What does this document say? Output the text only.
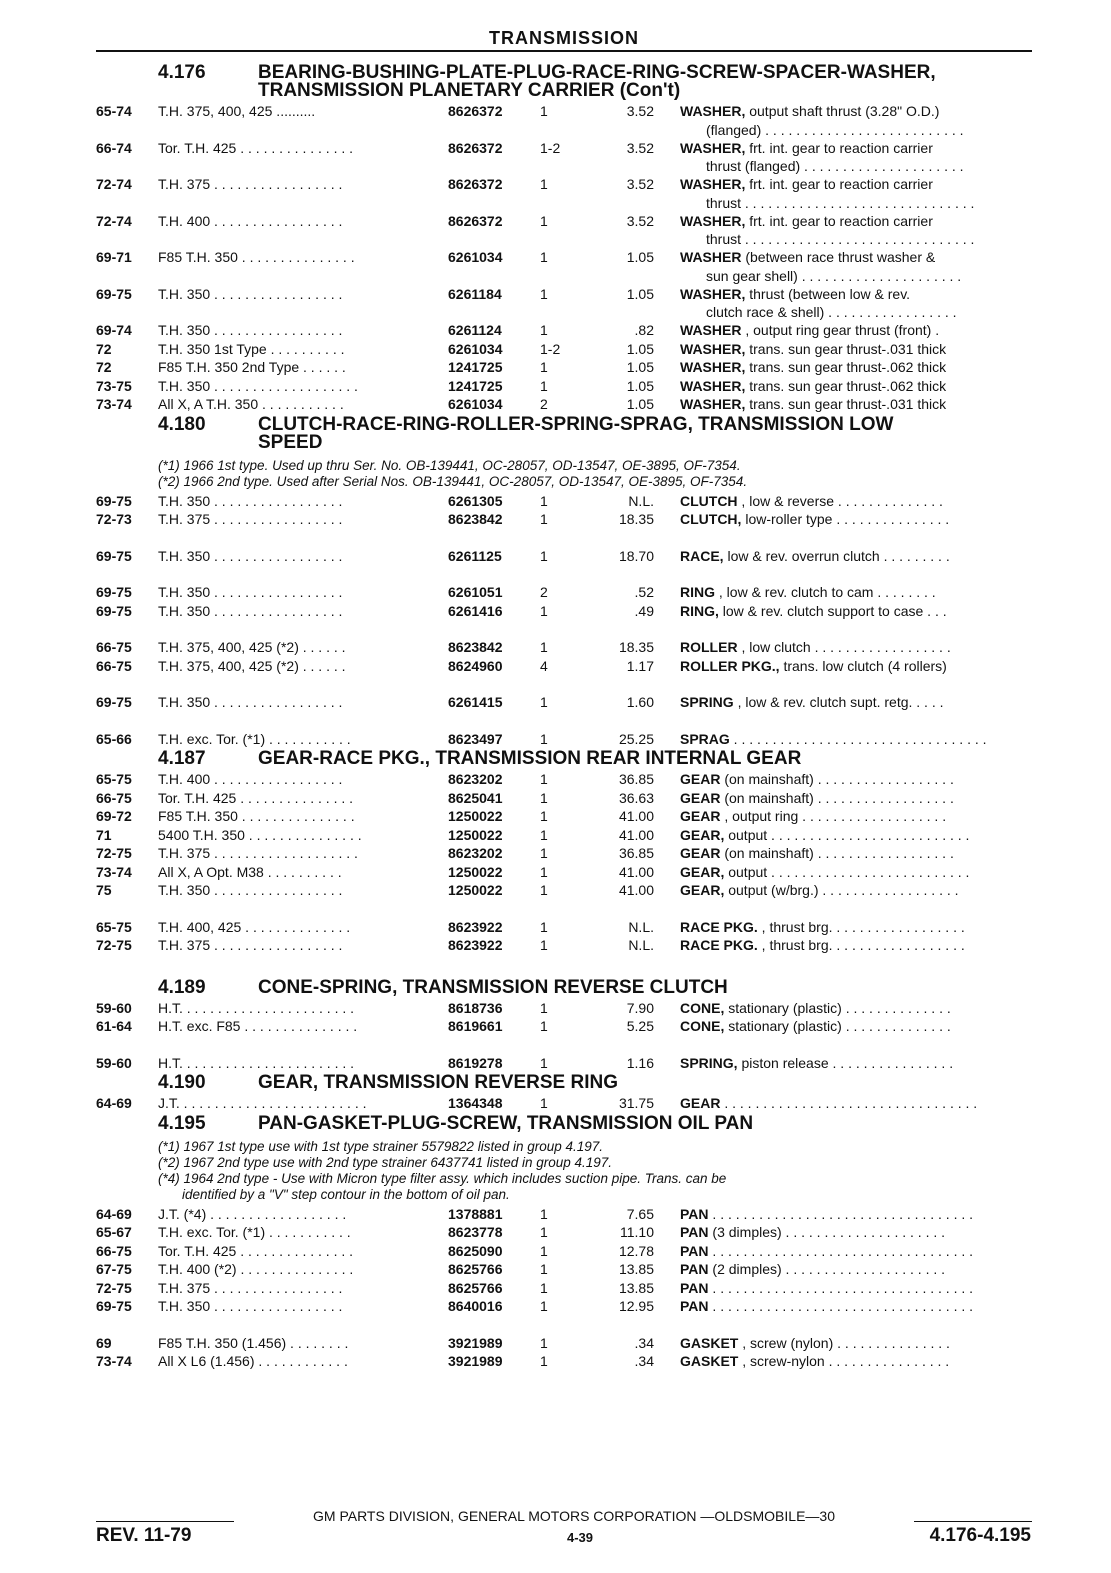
TRANSMISSION
4.176	BEARING-BUSHING-PLATE-PLUG-RACE-RING-SCREW-SPACER-WASHER,
TRANSMISSION PLANETARY CARRIER (Con't)
65-74	T.H. 375, 400, 425 ..........	8626372	1	3.52	WASHER, output shaft thrust (3.28" O.D.)
(flanged) . . . . . . . . . . . . . . . . . . . . . . . . . .
66-74	Tor. T.H. 425 . . . . . . . . . . . . . . .	8626372	1-2	3.52	WASHER, frt. int. gear to reaction carrier
thrust (flanged) . . . . . . . . . . . . . . . . . . . . .
72-74	T.H. 375 . . . . . . . . . . . . . . . . .	8626372	1	3.52	WASHER, frt. int. gear to reaction carrier
thrust . . . . . . . . . . . . . . . . . . . . . . . . . . . . . .
72-74	T.H. 400 . . . . . . . . . . . . . . . . .	8626372	1	3.52	WASHER, frt. int. gear to reaction carrier
thrust . . . . . . . . . . . . . . . . . . . . . . . . . . . . . .
69-71	F85 T.H. 350 . . . . . . . . . . . . . . .	6261034	1	1.05	WASHER (between race thrust washer &
sun gear shell) . . . . . . . . . . . . . . . . . . . . .
69-75	T.H. 350 . . . . . . . . . . . . . . . . .	6261184	1	1.05	WASHER, thrust (between low & rev.
clutch race & shell) . . . . . . . . . . . . . . . . .
69-74	T.H. 350 . . . . . . . . . . . . . . . . .	6261124	1	.82	WASHER , output ring gear thrust (front) .
72	T.H. 350 1st Type . . . . . . . . . .	6261034	1-2	1.05	WASHER, trans. sun gear thrust-.031 thick
72	F85 T.H. 350 2nd Type . . . . . .	1241725	1	1.05	WASHER, trans. sun gear thrust-.062 thick
73-75	T.H. 350 . . . . . . . . . . . . . . . . . . .	1241725	1	1.05	WASHER, trans. sun gear thrust-.062 thick
73-74	All X, A T.H. 350 . . . . . . . . . . .	6261034	2	1.05	WASHER, trans. sun gear thrust-.031 thick
4.180	CLUTCH-RACE-RING-ROLLER-SPRING-SPRAG, TRANSMISSION LOW
SPEED
(*1) 1966 1st type. Used up thru Ser. No. OB-139441, OC-28057, OD-13547, OE-3895, OF-7354.
(*2) 1966 2nd type. Used after Serial Nos. OB-139441, OC-28057, OD-13547, OE-3895, OF-7354.
69-75	T.H. 350 . . . . . . . . . . . . . . . . .	6261305	1	N.L.	CLUTCH , low & reverse . . . . . . . . . . . . . .
72-73	T.H. 375 . . . . . . . . . . . . . . . . .	8623842	1	18.35	CLUTCH, low-roller type . . . . . . . . . . . . . . .
69-75	T.H. 350 . . . . . . . . . . . . . . . . .	6261125	1	18.70	RACE, low & rev. overrun clutch . . . . . . . . .
69-75	T.H. 350 . . . . . . . . . . . . . . . . .	6261051	2	.52	RING , low & rev. clutch to cam . . . . . . . .
69-75	T.H. 350 . . . . . . . . . . . . . . . . .	6261416	1	.49	RING, low & rev. clutch support to case . . .
66-75	T.H. 375, 400, 425 (*2) . . . . . .	8623842	1	18.35	ROLLER , low clutch . . . . . . . . . . . . . . . . . .
66-75	T.H. 375, 400, 425 (*2) . . . . . .	8624960	4	1.17	ROLLER PKG., trans. low clutch (4 rollers)
69-75	T.H. 350 . . . . . . . . . . . . . . . . .	6261415	1	1.60	SPRING , low & rev. clutch supt. retg. . . . .
65-66	T.H. exc. Tor. (*1) . . . . . . . . . . .	8623497	1	25.25	SPRAG . . . . . . . . . . . . . . . . . . . . . . . . . . . . . . . . .
4.187	GEAR-RACE PKG., TRANSMISSION REAR INTERNAL GEAR
65-75	T.H. 400 . . . . . . . . . . . . . . . . .	8623202	1	36.85	GEAR (on mainshaft) . . . . . . . . . . . . . . . . . .
66-75	Tor. T.H. 425 . . . . . . . . . . . . . . .	8625041	1	36.63	GEAR (on mainshaft) . . . . . . . . . . . . . . . . . .
69-72	F85 T.H. 350 . . . . . . . . . . . . . . .	1250022	1	41.00	GEAR , output ring . . . . . . . . . . . . . . . . . . .
71	5400 T.H. 350 . . . . . . . . . . . . . . .	1250022	1	41.00	GEAR, output . . . . . . . . . . . . . . . . . . . . . . . . . .
72-75	T.H. 375 . . . . . . . . . . . . . . . . . . .	8623202	1	36.85	GEAR (on mainshaft) . . . . . . . . . . . . . . . . . .
73-74	All X, A Opt. M38 . . . . . . . . . .	1250022	1	41.00	GEAR, output . . . . . . . . . . . . . . . . . . . . . . . . . .
75	T.H. 350 . . . . . . . . . . . . . . . . .	1250022	1	41.00	GEAR, output (w/brg.) . . . . . . . . . . . . . . . . . .
65-75	T.H. 400, 425 . . . . . . . . . . . . . .	8623922	1	N.L.	RACE PKG. , thrust brg. . . . . . . . . . . . . . . . . .
72-75	T.H. 375 . . . . . . . . . . . . . . . . .	8623922	1	N.L.	RACE PKG. , thrust brg. . . . . . . . . . . . . . . . . .
4.189	CONE-SPRING, TRANSMISSION REVERSE CLUTCH
59-60	H.T. . . . . . . . . . . . . . . . . . . . . . .	8618736	1	7.90	CONE, stationary (plastic) . . . . . . . . . . . . . .
61-64	H.T. exc. F85 . . . . . . . . . . . . . . .	8619661	1	5.25	CONE, stationary (plastic) . . . . . . . . . . . . . .
59-60	H.T. . . . . . . . . . . . . . . . . . . . . . .	8619278	1	1.16	SPRING, piston release . . . . . . . . . . . . . . . .
4.190	GEAR, TRANSMISSION REVERSE RING
64-69	J.T. . . . . . . . . . . . . . . . . . . . . . . . .	1364348	1	31.75	GEAR . . . . . . . . . . . . . . . . . . . . . . . . . . . . . . . . .
4.195	PAN-GASKET-PLUG-SCREW, TRANSMISSION OIL PAN
(*1) 1967 1st type use with 1st type strainer 5579822 listed in group 4.197.
(*2) 1967 2nd type use with 2nd type strainer 6437741 listed in group 4.197.
(*4) 1964 2nd type - Use with Micron type filter assy. which includes suction pipe. Trans. can be
identified by a "V" step contour in the bottom of oil pan.
64-69	J.T. (*4) . . . . . . . . . . . . . . . . . .	1378881	1	7.65	PAN . . . . . . . . . . . . . . . . . . . . . . . . . . . . . . . . . .
65-67	T.H. exc. Tor. (*1) . . . . . . . . . . .	8623778	1	11.10	PAN (3 dimples) . . . . . . . . . . . . . . . . . . . . .
66-75	Tor. T.H. 425 . . . . . . . . . . . . . . .	8625090	1	12.78	PAN . . . . . . . . . . . . . . . . . . . . . . . . . . . . . . . . . .
67-75	T.H. 400 (*2) . . . . . . . . . . . . . . .	8625766	1	13.85	PAN (2 dimples) . . . . . . . . . . . . . . . . . . . . .
72-75	T.H. 375 . . . . . . . . . . . . . . . . .	8625766	1	13.85	PAN . . . . . . . . . . . . . . . . . . . . . . . . . . . . . . . . . .
69-75	T.H. 350 . . . . . . . . . . . . . . . . .	8640016	1	12.95	PAN . . . . . . . . . . . . . . . . . . . . . . . . . . . . . . . . . .
69	F85 T.H. 350 (1.456) . . . . . . . .	3921989	1	.34	GASKET , screw (nylon) . . . . . . . . . . . . . . .
73-74	All X L6 (1.456) . . . . . . . . . . . .	3921989	1	.34	GASKET , screw-nylon . . . . . . . . . . . . . . . .
GM PARTS DIVISION, GENERAL MOTORS CORPORATION —OLDSMOBILE—30
REV. 11-79	4-39	4.176-4.195
